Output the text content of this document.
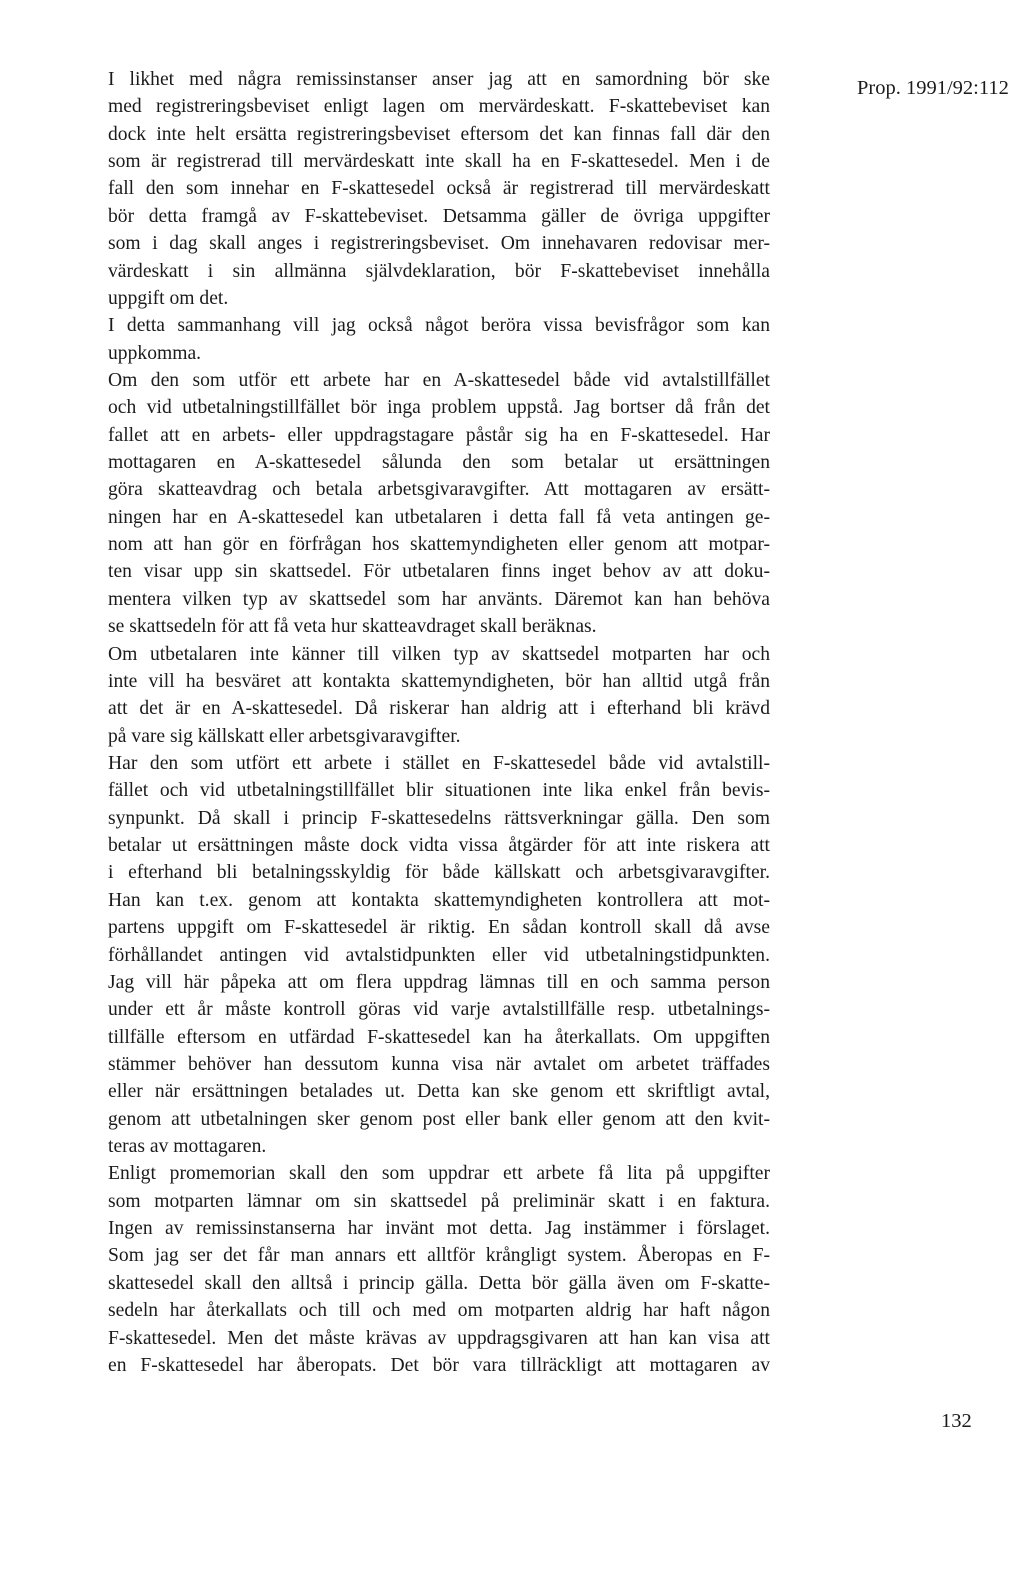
Prop. 1991/92:112
I likhet med några remissinstanser anser jag att en samordning bör ske
med registreringsbeviset enligt lagen om mervärdeskatt. F-skattebeviset kan
dock inte helt ersätta registreringsbeviset eftersom det kan finnas fall där den
som är registrerad till mervärdeskatt inte skall ha en F-skattesedel. Men i de
fall den som innehar en F-skattesedel också är registrerad till mervärdeskatt
bör detta framgå av F-skattebeviset. Detsamma gäller de övriga uppgifter
som i dag skall anges i registreringsbeviset. Om innehavaren redovisar mer-
värdeskatt i sin allmänna självdeklaration, bör F-skattebeviset innehålla
uppgift om det.
I detta sammanhang vill jag också något beröra vissa bevisfrågor som kan
uppkomma.
Om den som utför ett arbete har en A-skattesedel både vid avtalstillfället
och vid utbetalningstillfället bör inga problem uppstå. Jag bortser då från det
fallet att en arbets- eller uppdragstagare påstår sig ha en F-skattesedel. Har
mottagaren en A-skattesedel sålunda den som betalar ut ersättningen
göra skatteavdrag och betala arbetsgivaravgifter. Att mottagaren av ersätt-
ningen har en A-skattesedel kan utbetalaren i detta fall få veta antingen ge-
nom att han gör en förfrågan hos skattemyndigheten eller genom att motpar-
ten visar upp sin skattsedel. För utbetalaren finns inget behov av att doku-
mentera vilken typ av skattsedel som har använts. Däremot kan han behöva
se skattsedeln för att få veta hur skatteavdraget skall beräknas.
Om utbetalaren inte känner till vilken typ av skattsedel motparten har och
inte vill ha besväret att kontakta skattemyndigheten, bör han alltid utgå från
att det är en A-skattesedel. Då riskerar han aldrig att i efterhand bli krävd
på vare sig källskatt eller arbetsgivaravgifter.
Har den som utfört ett arbete i stället en F-skattesedel både vid avtalstill-
fället och vid utbetalningstillfället blir situationen inte lika enkel från bevis-
synpunkt. Då skall i princip F-skattesedelns rättsverkningar gälla. Den som
betalar ut ersättningen måste dock vidta vissa åtgärder för att inte riskera att
i efterhand bli betalningsskyldig för både källskatt och arbetsgivaravgifter.
Han kan t.ex. genom att kontakta skattemyndigheten kontrollera att mot-
partens uppgift om F-skattesedel är riktig. En sådan kontroll skall då avse
förhållandet antingen vid avtalstidpunkten eller vid utbetalningstidpunkten.
Jag vill här påpeka att om flera uppdrag lämnas till en och samma person
under ett år måste kontroll göras vid varje avtalstillfälle resp. utbetalnings-
tillfälle eftersom en utfärdad F-skattesedel kan ha återkallats. Om uppgiften
stämmer behöver han dessutom kunna visa när avtalet om arbetet träffades
eller när ersättningen betalades ut. Detta kan ske genom ett skriftligt avtal,
genom att utbetalningen sker genom post eller bank eller genom att den kvit-
teras av mottagaren.
Enligt promemorian skall den som uppdrar ett arbete få lita på uppgifter
som motparten lämnar om sin skattsedel på preliminär skatt i en faktura.
Ingen av remissinstanserna har invänt mot detta. Jag instämmer i förslaget.
Som jag ser det får man annars ett alltför krångligt system. Åberopas en F-
skattesedel skall den alltså i princip gälla. Detta bör gälla även om F-skatte-
sedeln har återkallats och till och med om motparten aldrig har haft någon
F-skattesedel. Men det måste krävas av uppdragsgivaren att han kan visa att
en F-skattesedel har åberopats. Det bör vara tillräckligt att mottagaren av
132
